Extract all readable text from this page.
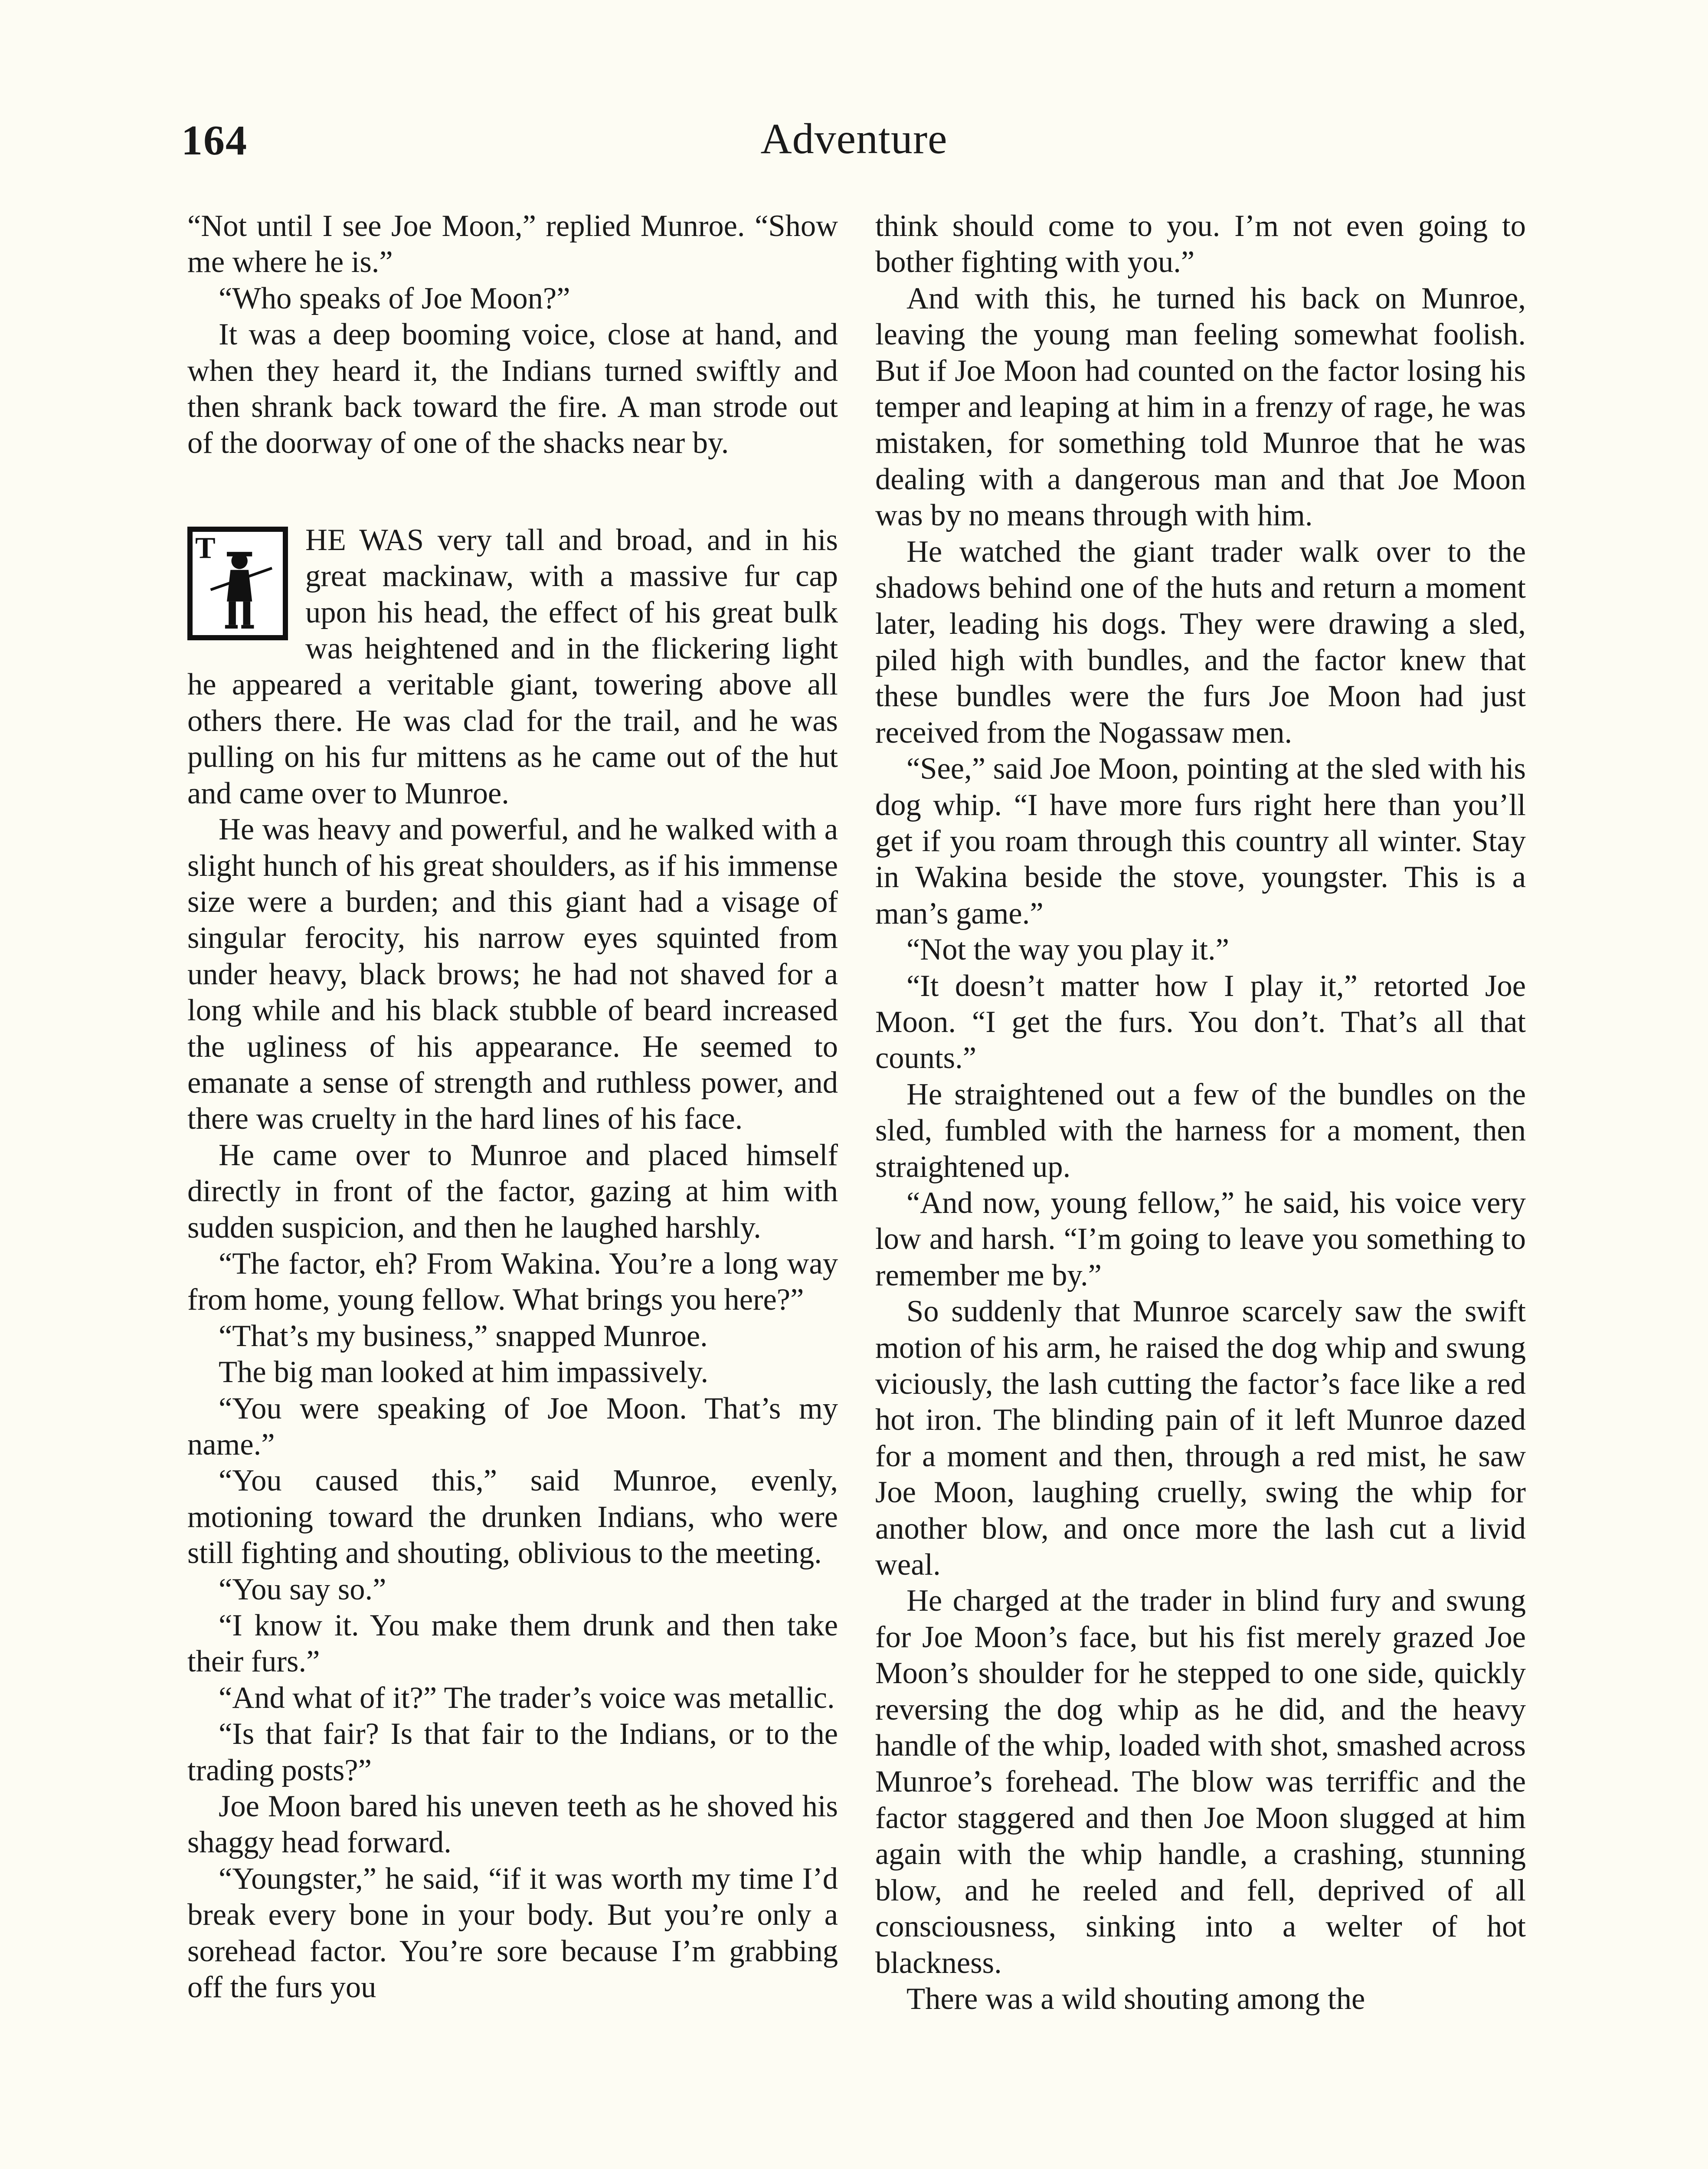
164	Adventure

“Not until I see Joe Moon,” replied Munroe. “Show me where he is.”

“Who speaks of Joe Moon?”

It was a deep booming voice, close at hand, and when they heard it, the Indians turned swiftly and then shrank back toward the fire. A man strode out of the doorway of one of the shacks near by.

T	HE WAS very tall and broad, and in his great mackinaw, with a massive fur cap upon his head, the effect of his great bulk was heightened and in the flickering light he appeared a veritable giant, towering above all others there. He was clad for the trail, and he was pulling on his fur mittens as he came out of the hut and came over to Munroe.

He was heavy and powerful, and he walked with a slight hunch of his great shoulders, as if his immense size were a burden; and this giant had a visage of singular ferocity, his narrow eyes squinted from under heavy, black brows; he had not shaved for a long while and his black stubble of beard increased the ugliness of his appearance. He seemed to emanate a sense of strength and ruthless power, and there was cruelty in the hard lines of his face.

He came over to Munroe and placed himself directly in front of the factor, gazing at him with sudden suspicion, and then he laughed harshly.

“The factor, eh? From Wakina. You’re a long way from home, young fellow. What brings you here?”

“That’s my business,” snapped Munroe.

The big man looked at him impassively.

“You were speaking of Joe Moon. That’s my name.”

“You caused this,” said Munroe, evenly, motioning toward the drunken Indians, who were still fighting and shouting, oblivious to the meeting.

“You say so.”

“I know it. You make them drunk and then take their furs.”

“And what of it?” The trader’s voice was metallic.

“Is that fair? Is that fair to the Indians, or to the trading posts?”

Joe Moon bared his uneven teeth as he shoved his shaggy head forward.

“Youngster,” he said, “if it was worth my time I’d break every bone in your body. But you’re only a sorehead factor. You’re sore because I’m grabbing off the furs you

think should come to you. I’m not even going to bother fighting with you.”

And with this, he turned his back on Munroe, leaving the young man feeling somewhat foolish. But if Joe Moon had counted on the factor losing his temper and leaping at him in a frenzy of rage, he was mistaken, for something told Munroe that he was dealing with a dangerous man and that Joe Moon was by no means through with him.

He watched the giant trader walk over to the shadows behind one of the huts and return a moment later, leading his dogs. They were drawing a sled, piled high with bundles, and the factor knew that these bundles were the furs Joe Moon had just received from the Nogassaw men.

“See,” said Joe Moon, pointing at the sled with his dog whip. “I have more furs right here than you’ll get if you roam through this country all winter. Stay in Wakina beside the stove, youngster. This is a man’s game.”

“Not the way you play it.”

“It doesn’t matter how I play it,” retorted Joe Moon. “I get the furs. You don’t. That’s all that counts.”

He straightened out a few of the bundles on the sled, fumbled with the harness for a moment, then straightened up.

“And now, young fellow,” he said, his voice very low and harsh. “I’m going to leave you something to remember me by.”

So suddenly that Munroe scarcely saw the swift motion of his arm, he raised the dog whip and swung viciously, the lash cutting the factor’s face like a red hot iron. The blinding pain of it left Munroe dazed for a moment and then, through a red mist, he saw Joe Moon, laughing cruelly, swing the whip for another blow, and once more the lash cut a livid weal.

He charged at the trader in blind fury and swung for Joe Moon’s face, but his fist merely grazed Joe Moon’s shoulder for he stepped to one side, quickly reversing the dog whip as he did, and the heavy handle of the whip, loaded with shot, smashed across Munroe’s forehead. The blow was terriffic and the factor staggered and then Joe Moon slugged at him again with the whip handle, a crashing, stunning blow, and he reeled and fell, deprived of all consciousness, sinking into a welter of hot blackness.

There was a wild shouting among the
